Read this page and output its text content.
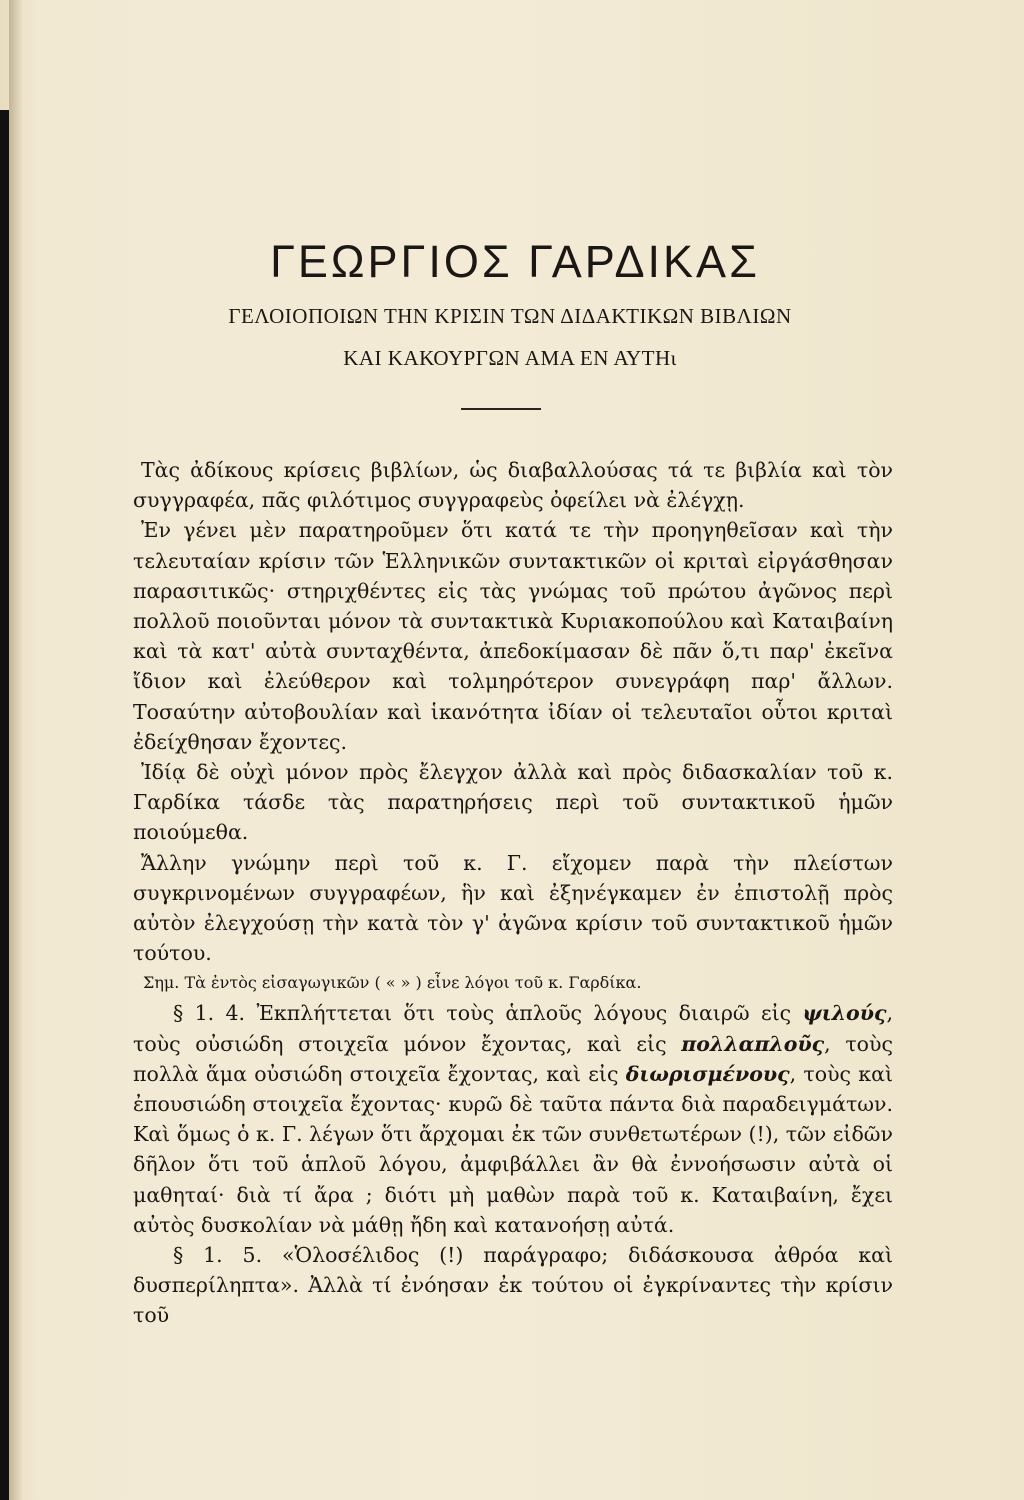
ΓΕΩΡΓΙΟΣ ΓΑΡΔΙΚΑΣ
ΓΕΛΟΙΟΠΟΙΩΝ ΤΗΝ ΚΡΙΣΙΝ ΤΩΝ ΔΙΔΑΚΤΙΚΩΝ ΒΙΒΛΙΩΝ
ΚΑΙ ΚΑΚΟΥΡΓΩΝ ΑΜΑ ΕΝ ΑΥΤΗι

Τὰς ἀδίκους κρίσεις βιβλίων, ὡς διαβαλλούσας τά τε βιβλία καὶ τὸν συγγραφέα, πᾶς φιλότιμος συγγραφεὺς ὀφείλει νὰ ἐλέγχῃ.

Ἐν γένει μὲν παρατηροῦμεν ὅτι κατά τε τὴν προηγηθεῖσαν καὶ τὴν τελευταίαν κρίσιν τῶν Ἑλληνικῶν συντακτικῶν οἱ κριταὶ εἰργάσθησαν παρασιτικῶς· στηριχθέντες εἰς τὰς γνώμας τοῦ πρώτου ἀγῶνος περὶ πολλοῦ ποιοῦνται μόνον τὰ συντακτικὰ Κυριακοπούλου καὶ Καταιβαίνη καὶ τὰ κατ' αὐτὰ συνταχθέντα, ἀπεδοκίμασαν δὲ πᾶν ὅ,τι παρ' ἐκεῖνα ἴδιον καὶ ἐλεύθερον καὶ τολμηρότερον συνεγράφη παρ' ἄλλων. Τοσαύτην αὐτοβουλίαν καὶ ἱκανότητα ἰδίαν οἱ τελευταῖοι οὗτοι κριταὶ ἐδείχθησαν ἔχοντες.

Ἰδίᾳ δὲ οὐχὶ μόνον πρὸς ἔλεγχον ἀλλὰ καὶ πρὸς διδασκαλίαν τοῦ κ. Γαρδίκα τάσδε τὰς παρατηρήσεις περὶ τοῦ συντακτικοῦ ἡμῶν ποιούμεθα.

Ἄλλην γνώμην περὶ τοῦ κ. Γ. εἴχομεν παρὰ τὴν πλείστων συγκρινομένων συγγραφέων, ἣν καὶ ἐξηνέγκαμεν ἐν ἐπιστολῇ πρὸς αὐτὸν ἐλεγχούσῃ τὴν κατὰ τὸν γ' ἀγῶνα κρίσιν τοῦ συντακτικοῦ ἡμῶν τούτου.

Σημ. Τὰ ἐντὸς εἰσαγωγικῶν ( « » ) εἶνε λόγοι τοῦ κ. Γαρδίκα.

§ 1. 4. Ἐκπλήττεται ὅτι τοὺς ἁπλοῦς λόγους διαιρῶ εἰς ψιλούς, τοὺς οὐσιώδη στοιχεῖα μόνον ἔχοντας, καὶ εἰς πολλαπλοῦς, τοὺς πολλὰ ἅμα οὐσιώδη στοιχεῖα ἔχοντας, καὶ εἰς διωρισμένους, τοὺς καὶ ἐπουσιώδη στοιχεῖα ἔχοντας· κυρῶ δὲ ταῦτα πάντα διὰ παραδειγμάτων. Καὶ ὅμως ὁ κ. Γ. λέγων ὅτι ἄρχομαι ἐκ τῶν συνθετωτέρων (!), τῶν εἰδῶν δῆλον ὅτι τοῦ ἁπλοῦ λόγου, ἀμφιβάλλει ἂν θὰ ἐννοήσωσιν αὐτὰ οἱ μαθηταί· διὰ τί ἄρα ; διότι μὴ μαθὼν παρὰ τοῦ κ. Καταιβαίνη, ἔχει αὐτὸς δυσκολίαν νὰ μάθῃ ἤδη καὶ κατανοήσῃ αὐτά.

§ 1. 5. «Ὁλοσέλιδος (!) παράγραφο; διδάσκουσα ἀθρόα καὶ δυσπερίληπτα». Ἀλλὰ τί ἐνόησαν ἐκ τούτου οἱ ἐγκρίναντες τὴν κρίσιν τοῦ
